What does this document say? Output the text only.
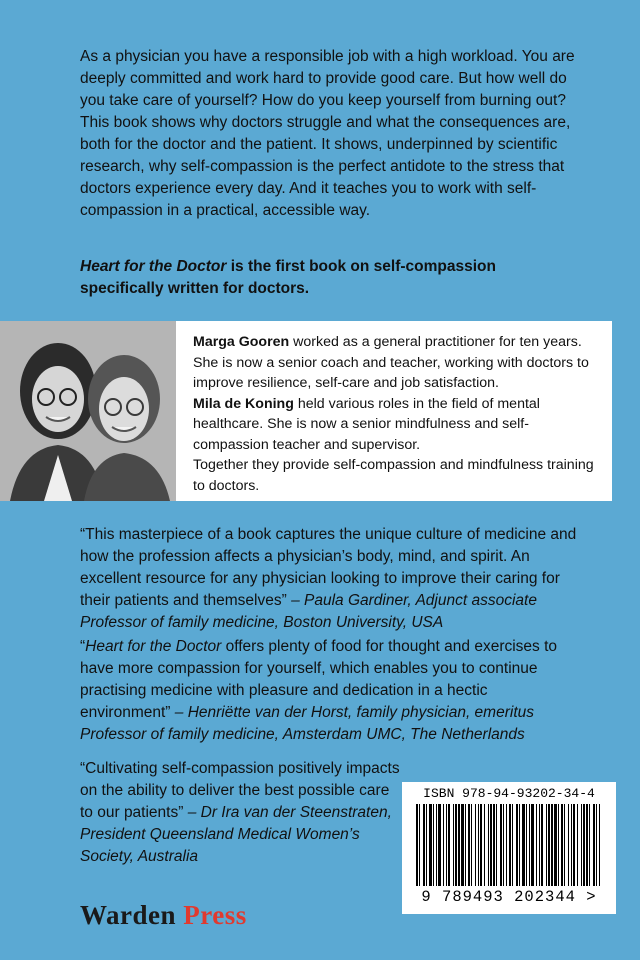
As a physician you have a responsible job with a high workload. You are deeply committed and work hard to provide good care. But how well do you take care of yourself? How do you keep yourself from burning out?

This book shows why doctors struggle and what the consequences are, both for the doctor and the patient. It shows, underpinned by scientific research, why self-compassion is the perfect antidote to the stress that doctors experience every day. And it teaches you to work with self-compassion in a practical, accessible way.

Heart for the Doctor is the first book on self-compassion specifically written for doctors.

Marga Gooren worked as a general practitioner for ten years. She is now a senior coach and teacher, working with doctors to improve resilience, self-care and job satisfaction.

Mila de Koning held various roles in the field of mental healthcare. She is now a senior mindfulness and self-compassion teacher and supervisor.

Together they provide self-compassion and mindfulness training to doctors.

“This masterpiece of a book captures the unique culture of medicine and how the profession affects a physician’s body, mind, and spirit. An excellent resource for any physician looking to improve their caring for their patients and themselves” – Paula Gardiner, Adjunct associate Professor of family medicine, Boston University, USA

“Heart for the Doctor offers plenty of food for thought and exercises to have more compassion for yourself, which enables you to continue practising medicine with pleasure and dedication in a hectic environment” – Henriëtte van der Horst, family physician, emeritus Professor of family medicine, Amsterdam UMC, The Netherlands

“Cultivating self-compassion positively impacts on the ability to deliver the best possible care to our patients” – Dr Ira van der Steenstraten, President Queensland Medical Women’s Society, Australia

ISBN 978-94-93202-34-4
9 789493 202344 >
Warden Press
